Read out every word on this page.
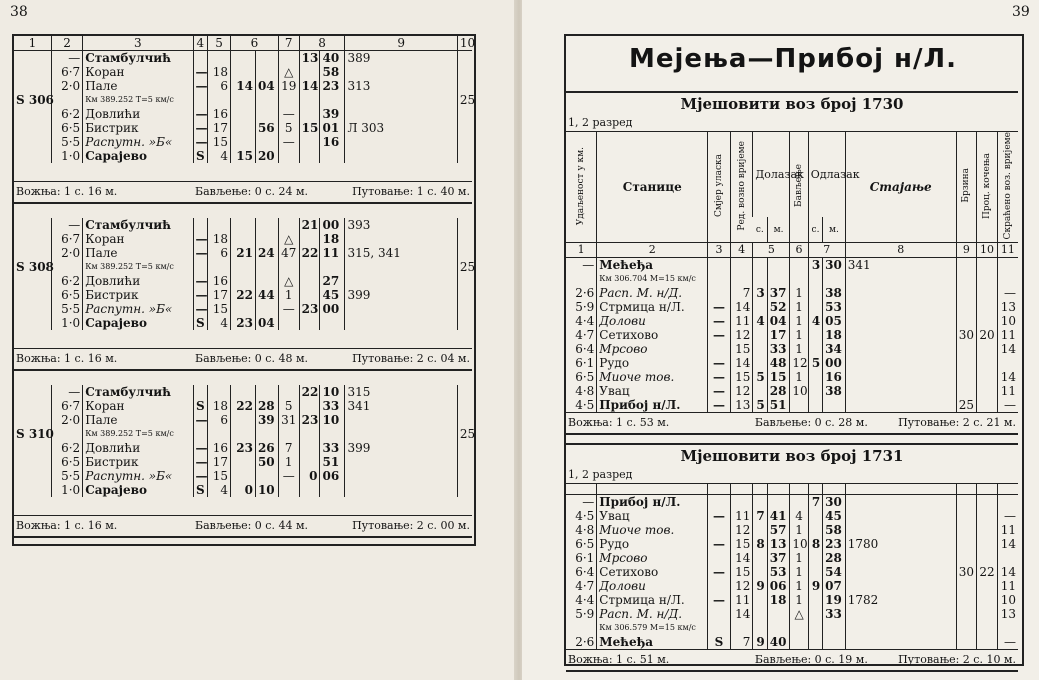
38
1	2	3	4	5	6		7	8		9	10
	—	Стамбулчић						13	40	389	
	6·7	Коран	—	18			△		58		
	2·0	Пале	—	6	14	04	19	14	23	313	
S 306		Км 389.252 Т=5 км/с									25
	6·2	Довлићи	—	16			—		39		
	6·5	Бистрик	—	17		56	5	15	01	Л 303	
	5·5	Распутн. »Б«	—	15			—		16		
	1·0	Сарајево	S	4	15	20					

Вожња: 1 с. 16 м.			Бављење: 0 с. 24 м.						Путовање: 1 с. 40 м.		

	—	Стамбулчић						21	00	393	
	6·7	Коран	—	18			△		18		
	2·0	Пале	—	6	21	24	47	22	11	315, 341	
S 308		Км 389.252 Т=5 км/с									25
	6·2	Довлићи	—	16			△		27		
	6·5	Бистрик	—	17	22	44	1		45	399	
	5·5	Распутн. »Б«	—	15			—	23	00		
	1·0	Сарајево	S	4	23	04					

Вожња: 1 с. 16 м.			Бављење: 0 с. 48 м.						Путовање: 2 с. 04 м.		

	—	Стамбулчић						22	10	315	
	6·7	Коран	S	18	22	28	5		33	341	
	2·0	Пале	—	6		39	31	23	10		
S 310		Км 389.252 Т=5 км/с									25
	6·2	Довлићи	—	16	23	26	7		33	399	
	6·5	Бистрик	—	17		50	1		51		
	5·5	Распутн. »Б«	—	15			—	0	06		
	1·0	Сарајево	S	4	0	10					

Вожња: 1 с. 16 м.			Бављење: 0 с. 44 м.						Путовање: 2 с. 00 м.		
39
Мејења—Прибој н/Л.
Мјешовити воз број 1730												
1, 2 разред												
Удаљеност у км.	Станице	Смјер уласка	Ред. возно вријеме	Долазак		Бављење	Одлазак		Стајање	Брзина	Проц. кочења	Скраћено воз. вријеме
				с.	м.		с.	м.				
1	2	3	4	5		6	7		8	9	10	11
—	Мећеђа						3	30	341			
	Км 306.704 М=15 км/с											
2·6	Расп. М. н/Д.		7	3	37	1		38				—
5·9	Стрмица н/Л.	—	14		52	1		53				13
4·4	Долови	—	11	4	04	1	4	05				10
4·7	Сетихово	—	12		17	1		18		30	20	11
6·4	Мрсово		15		33	1		34				14
6·1	Рудо	—	14		48	12	5	00				
6·5	Миоче тов.	—	15	5	15	1		16				14
4·8	Увац	—	12		28	10		38				11
4·5	Прибој н/Л.	—	13	5	51					25		—
Вожња: 1 с. 53 м.				Бављење: 0 с. 28 м.					Путовање: 2 с. 21 м.			

Мјешовити воз број 1731												
1, 2 разред												

—	Прибој н/Л.						7	30				
4·5	Увац	—	11	7	41	4		45				—
4·8	Миоче тов.		12		57	1		58				11
6·5	Рудо	—	15	8	13	10	8	23	1780			14
6·1	Мрсово		14		37	1		28				
6·4	Сетихово	—	15		53	1		54		30	22	14
4·7	Долови		12	9	06	1	9	07				11
4·4	Стрмица н/Л.	—	11		18	1		19	1782			10
5·9	Расп. М. н/Д.		14			△		33				13
	Км 306.579 М=15 км/с											
2·6	Мећеђа	S	7	9	40							—
Вожња: 1 с. 51 м.				Бављење: 0 с. 19 м.					Путовање: 2 с. 10 м.			
